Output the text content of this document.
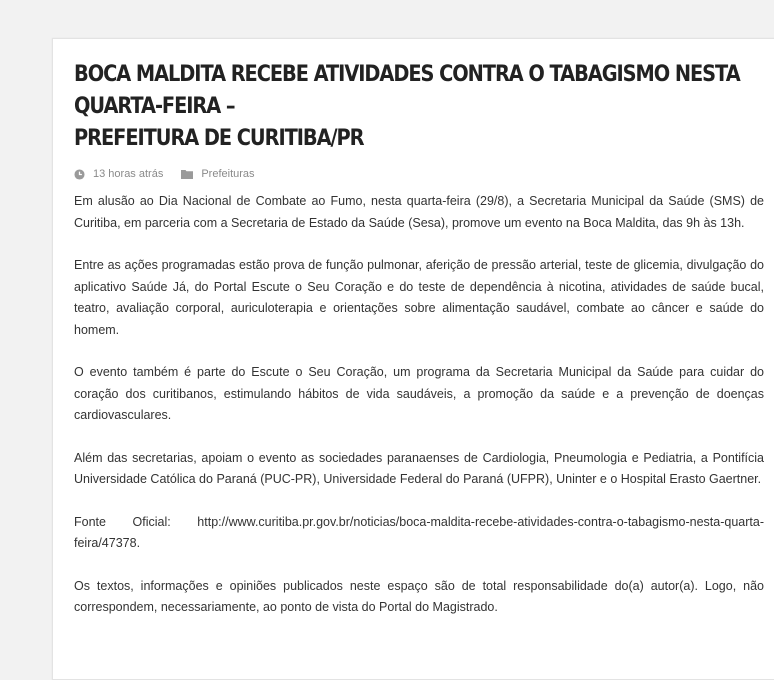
BOCA MALDITA RECEBE ATIVIDADES CONTRA O TABAGISMO NESTA QUARTA-FEIRA –
PREFEITURA DE CURITIBA/PR
13 horas atrás	Prefeituras

Em alusão ao Dia Nacional de Combate ao Fumo, nesta quarta-feira (29/8), a Secretaria Municipal da Saúde (SMS) de Curitiba, em parceria com a Secretaria de Estado da Saúde (Sesa), promove um evento na Boca Maldita, das 9h às 13h.

Entre as ações programadas estão prova de função pulmonar, aferição de pressão arterial, teste de glicemia, divulgação do aplicativo Saúde Já, do Portal Escute o Seu Coração e do teste de dependência à nicotina, atividades de saúde bucal, teatro, avaliação corporal, auriculoterapia e orientações sobre alimentação saudável, combate ao câncer e saúde do homem.

O evento também é parte do Escute o Seu Coração, um programa da Secretaria Municipal da Saúde para cuidar do coração dos curitibanos, estimulando hábitos de vida saudáveis, a promoção da saúde e a prevenção de doenças cardiovasculares.

Além das secretarias, apoiam o evento as sociedades paranaenses de Cardiologia, Pneumologia e Pediatria, a Pontifícia Universidade Católica do Paraná (PUC-PR), Universidade Federal do Paraná (UFPR), Uninter e o Hospital Erasto Gaertner.

Fonte Oficial: http://www.curitiba.pr.gov.br/noticias/boca-maldita-recebe-atividades-contra-o-tabagismo-nesta-quarta-feira/47378.

Os textos, informações e opiniões publicados neste espaço são de total responsabilidade do(a) autor(a). Logo, não correspondem, necessariamente, ao ponto de vista do Portal do Magistrado.
